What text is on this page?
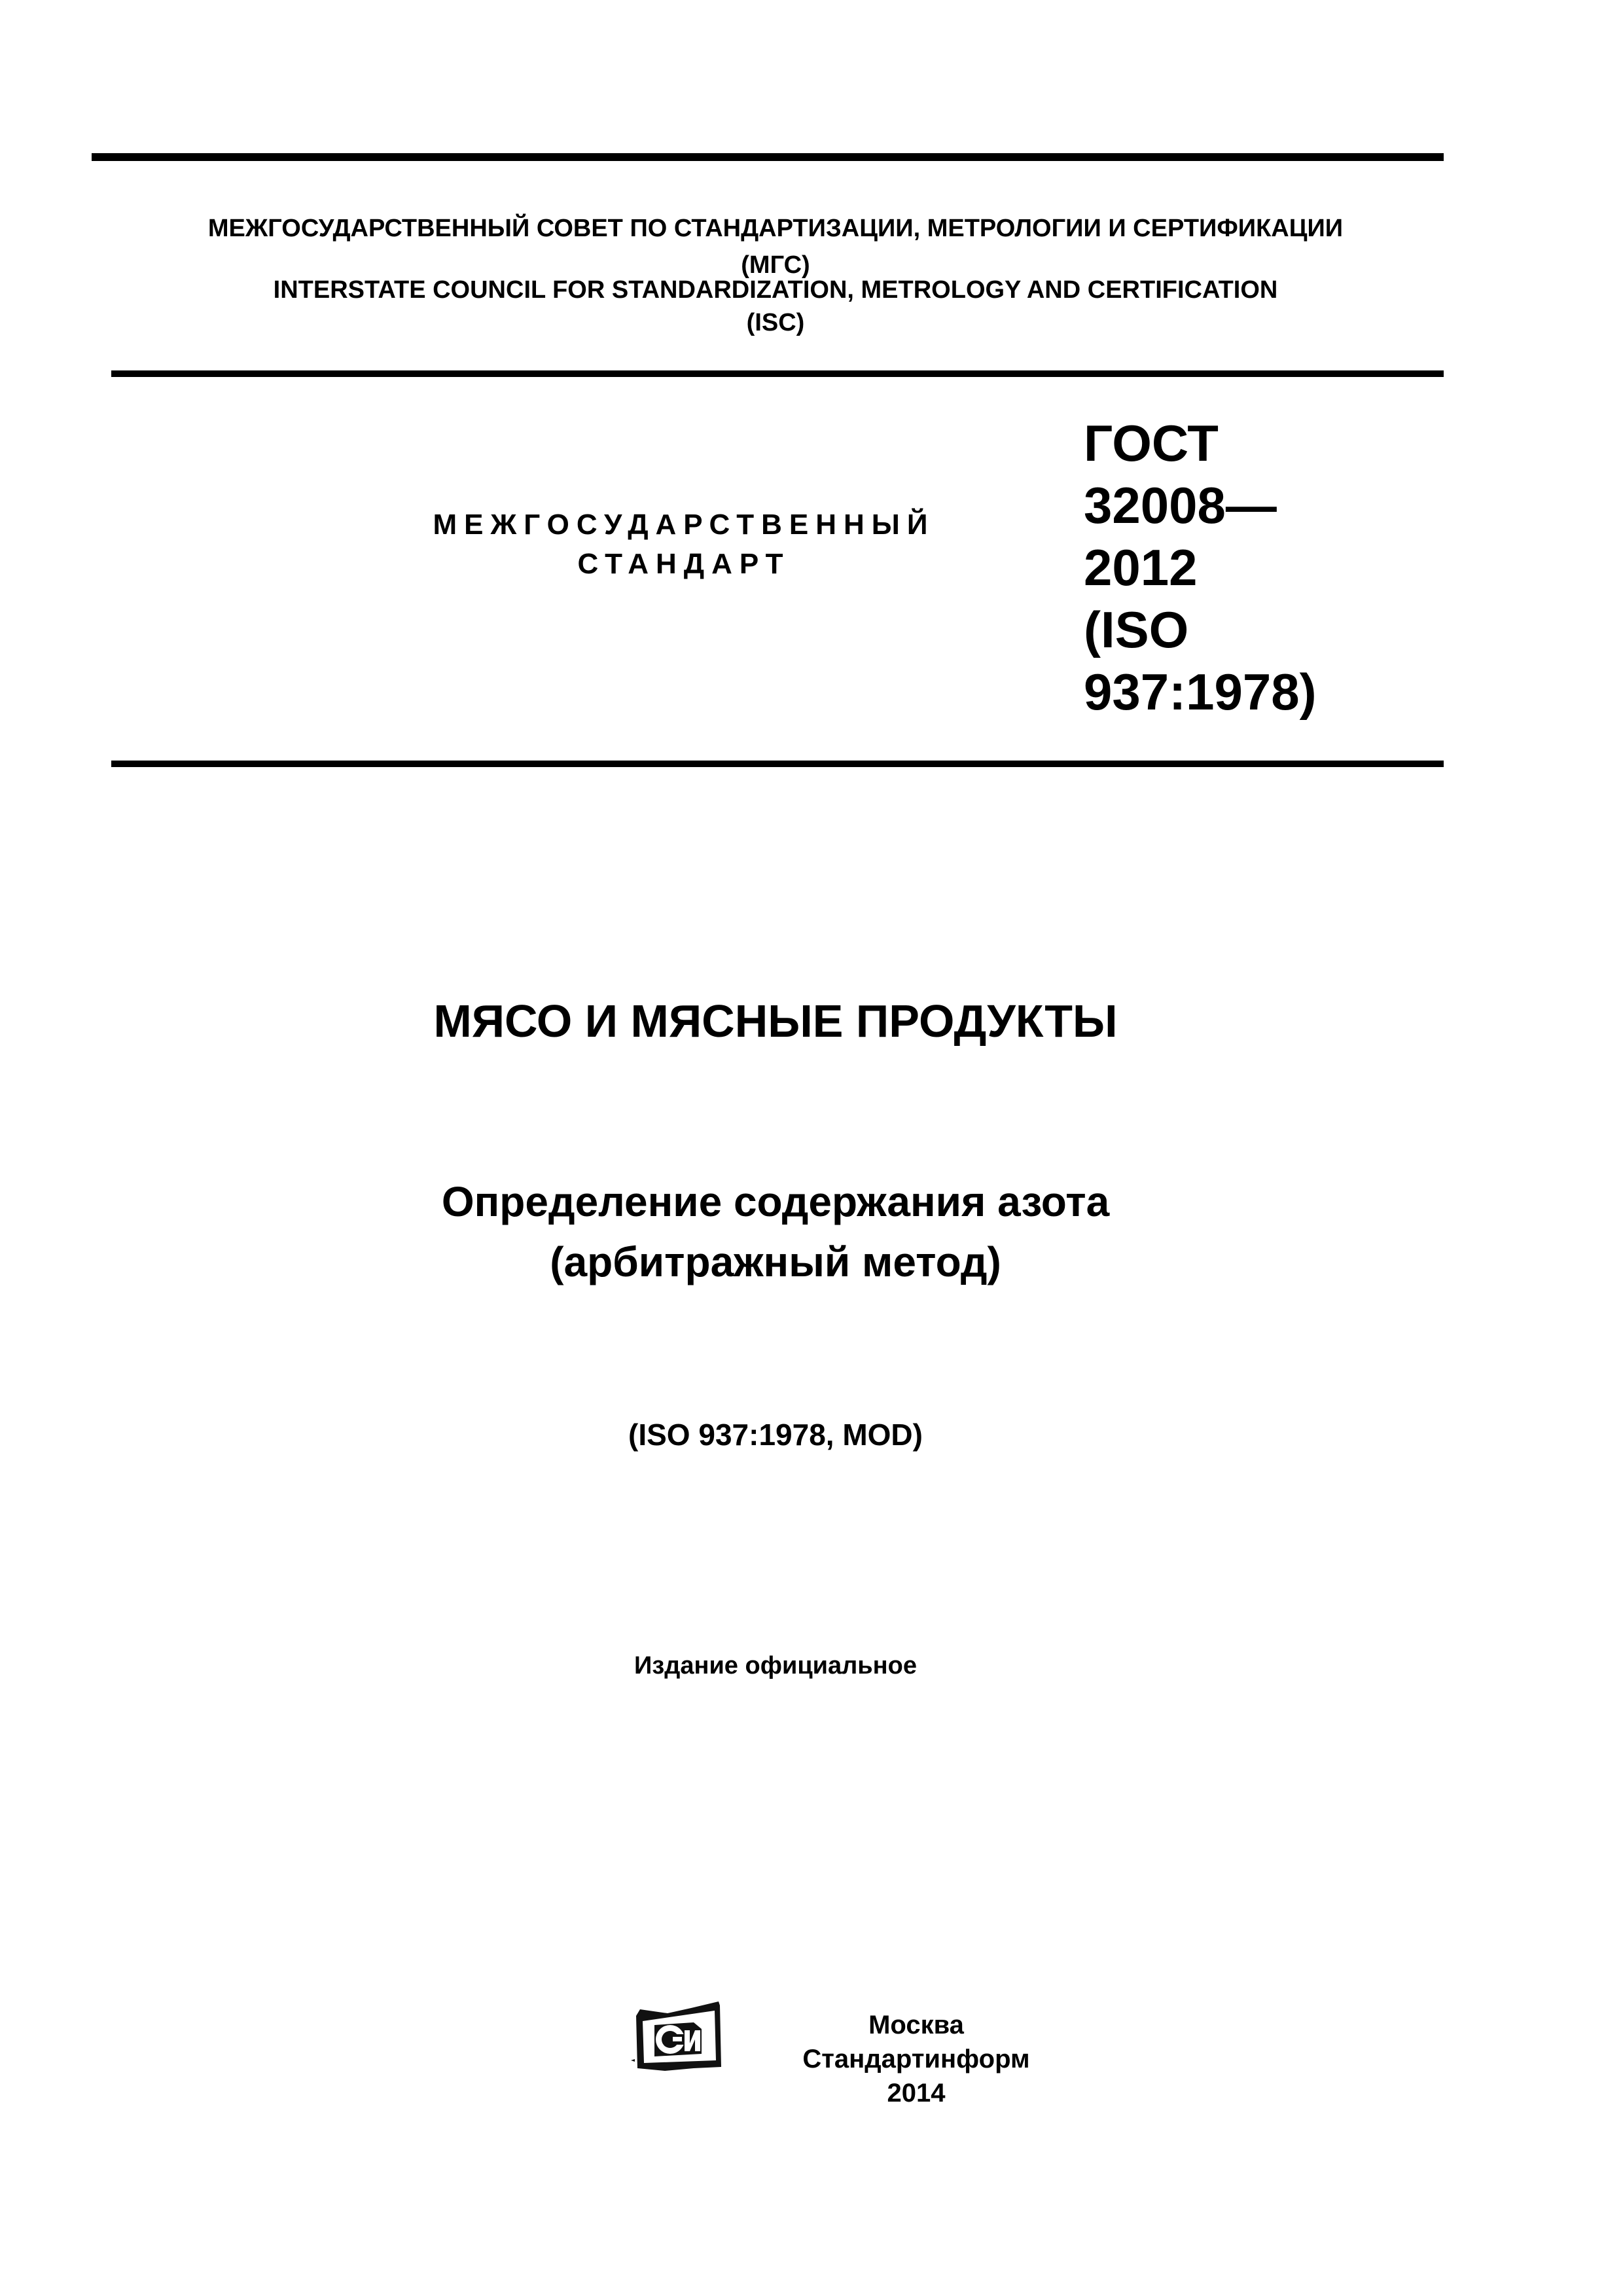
МЕЖГОСУДАРСТВЕННЫЙ СОВЕТ ПО СТАНДАРТИЗАЦИИ, МЕТРОЛОГИИ И СЕРТИФИКАЦИИ
(МГС)
INTERSTATE COUNCIL FOR STANDARDIZATION, METROLOGY AND CERTIFICATION
(ISC)
МЕЖГОСУДАРСТВЕННЫЙ
СТАНДАРТ
ГОСТ
32008—
2012
(ISO
937:1978)
МЯСО И МЯСНЫЕ ПРОДУКТЫ
Определение содержания азота
(арбитражный метод)
(ISO 937:1978, MOD)
Издание официальное
Москва
Стандартинформ
2014
